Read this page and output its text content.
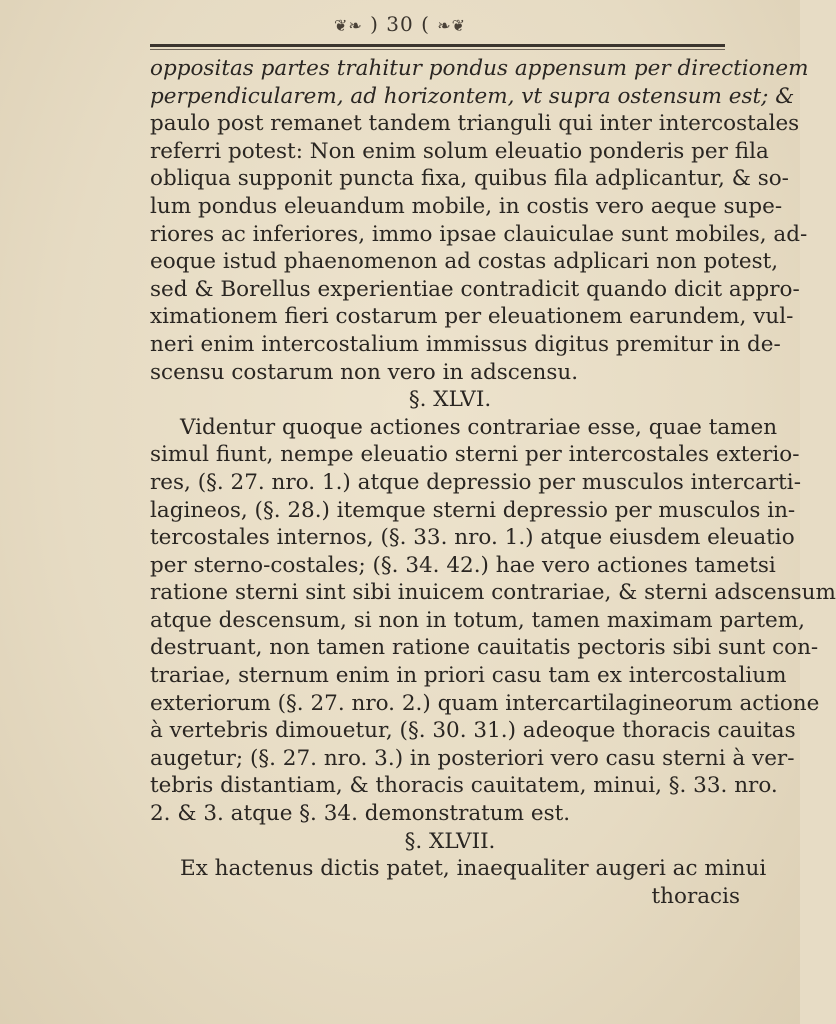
❦❧ ) 30 ( ❧❦
oppositas partes trahitur pondus appensum per directionem
perpendicularem, ad horizontem, vt supra ostensum est; &
paulo post remanet tandem trianguli qui inter intercostales
referri potest: Non enim solum eleuatio ponderis per fila
obliqua supponit puncta fixa, quibus fila adplicantur, & so-
lum pondus eleuandum mobile, in costis vero aeque supe-
riores ac inferiores, immo ipsae clauiculae sunt mobiles, ad-
eoque istud phaenomenon ad costas adplicari non potest,
sed & Borellus experientiae contradicit quando dicit appro-
ximationem fieri costarum per eleuationem earundem, vul-
neri enim intercostalium immissus digitus premitur in de-
scensu costarum non vero in adscensu.
§. XLVI.
Videntur quoque actiones contrariae esse, quae tamen
simul fiunt, nempe eleuatio sterni per intercostales exterio-
res, (§. 27. nro. 1.) atque depressio per musculos intercarti-
lagineos, (§. 28.) itemque sterni depressio per musculos in-
tercostales internos, (§. 33. nro. 1.) atque eiusdem eleuatio
per sterno-costales; (§. 34. 42.) hae vero actiones tametsi
ratione sterni sint sibi inuicem contrariae, & sterni adscensum
atque descensum, si non in totum, tamen maximam partem,
destruant, non tamen ratione cauitatis pectoris sibi sunt con-
trariae, sternum enim in priori casu tam ex intercostalium
exteriorum (§. 27. nro. 2.) quam intercartilagineorum actione
à vertebris dimouetur, (§. 30. 31.) adeoque thoracis cauitas
augetur; (§. 27. nro. 3.) in posteriori vero casu sterni à ver-
tebris distantiam, & thoracis cauitatem, minui, §. 33. nro.
2. & 3. atque §. 34. demonstratum est.
§. XLVII.
Ex hactenus dictis patet, inaequaliter augeri ac minui
thoracis
